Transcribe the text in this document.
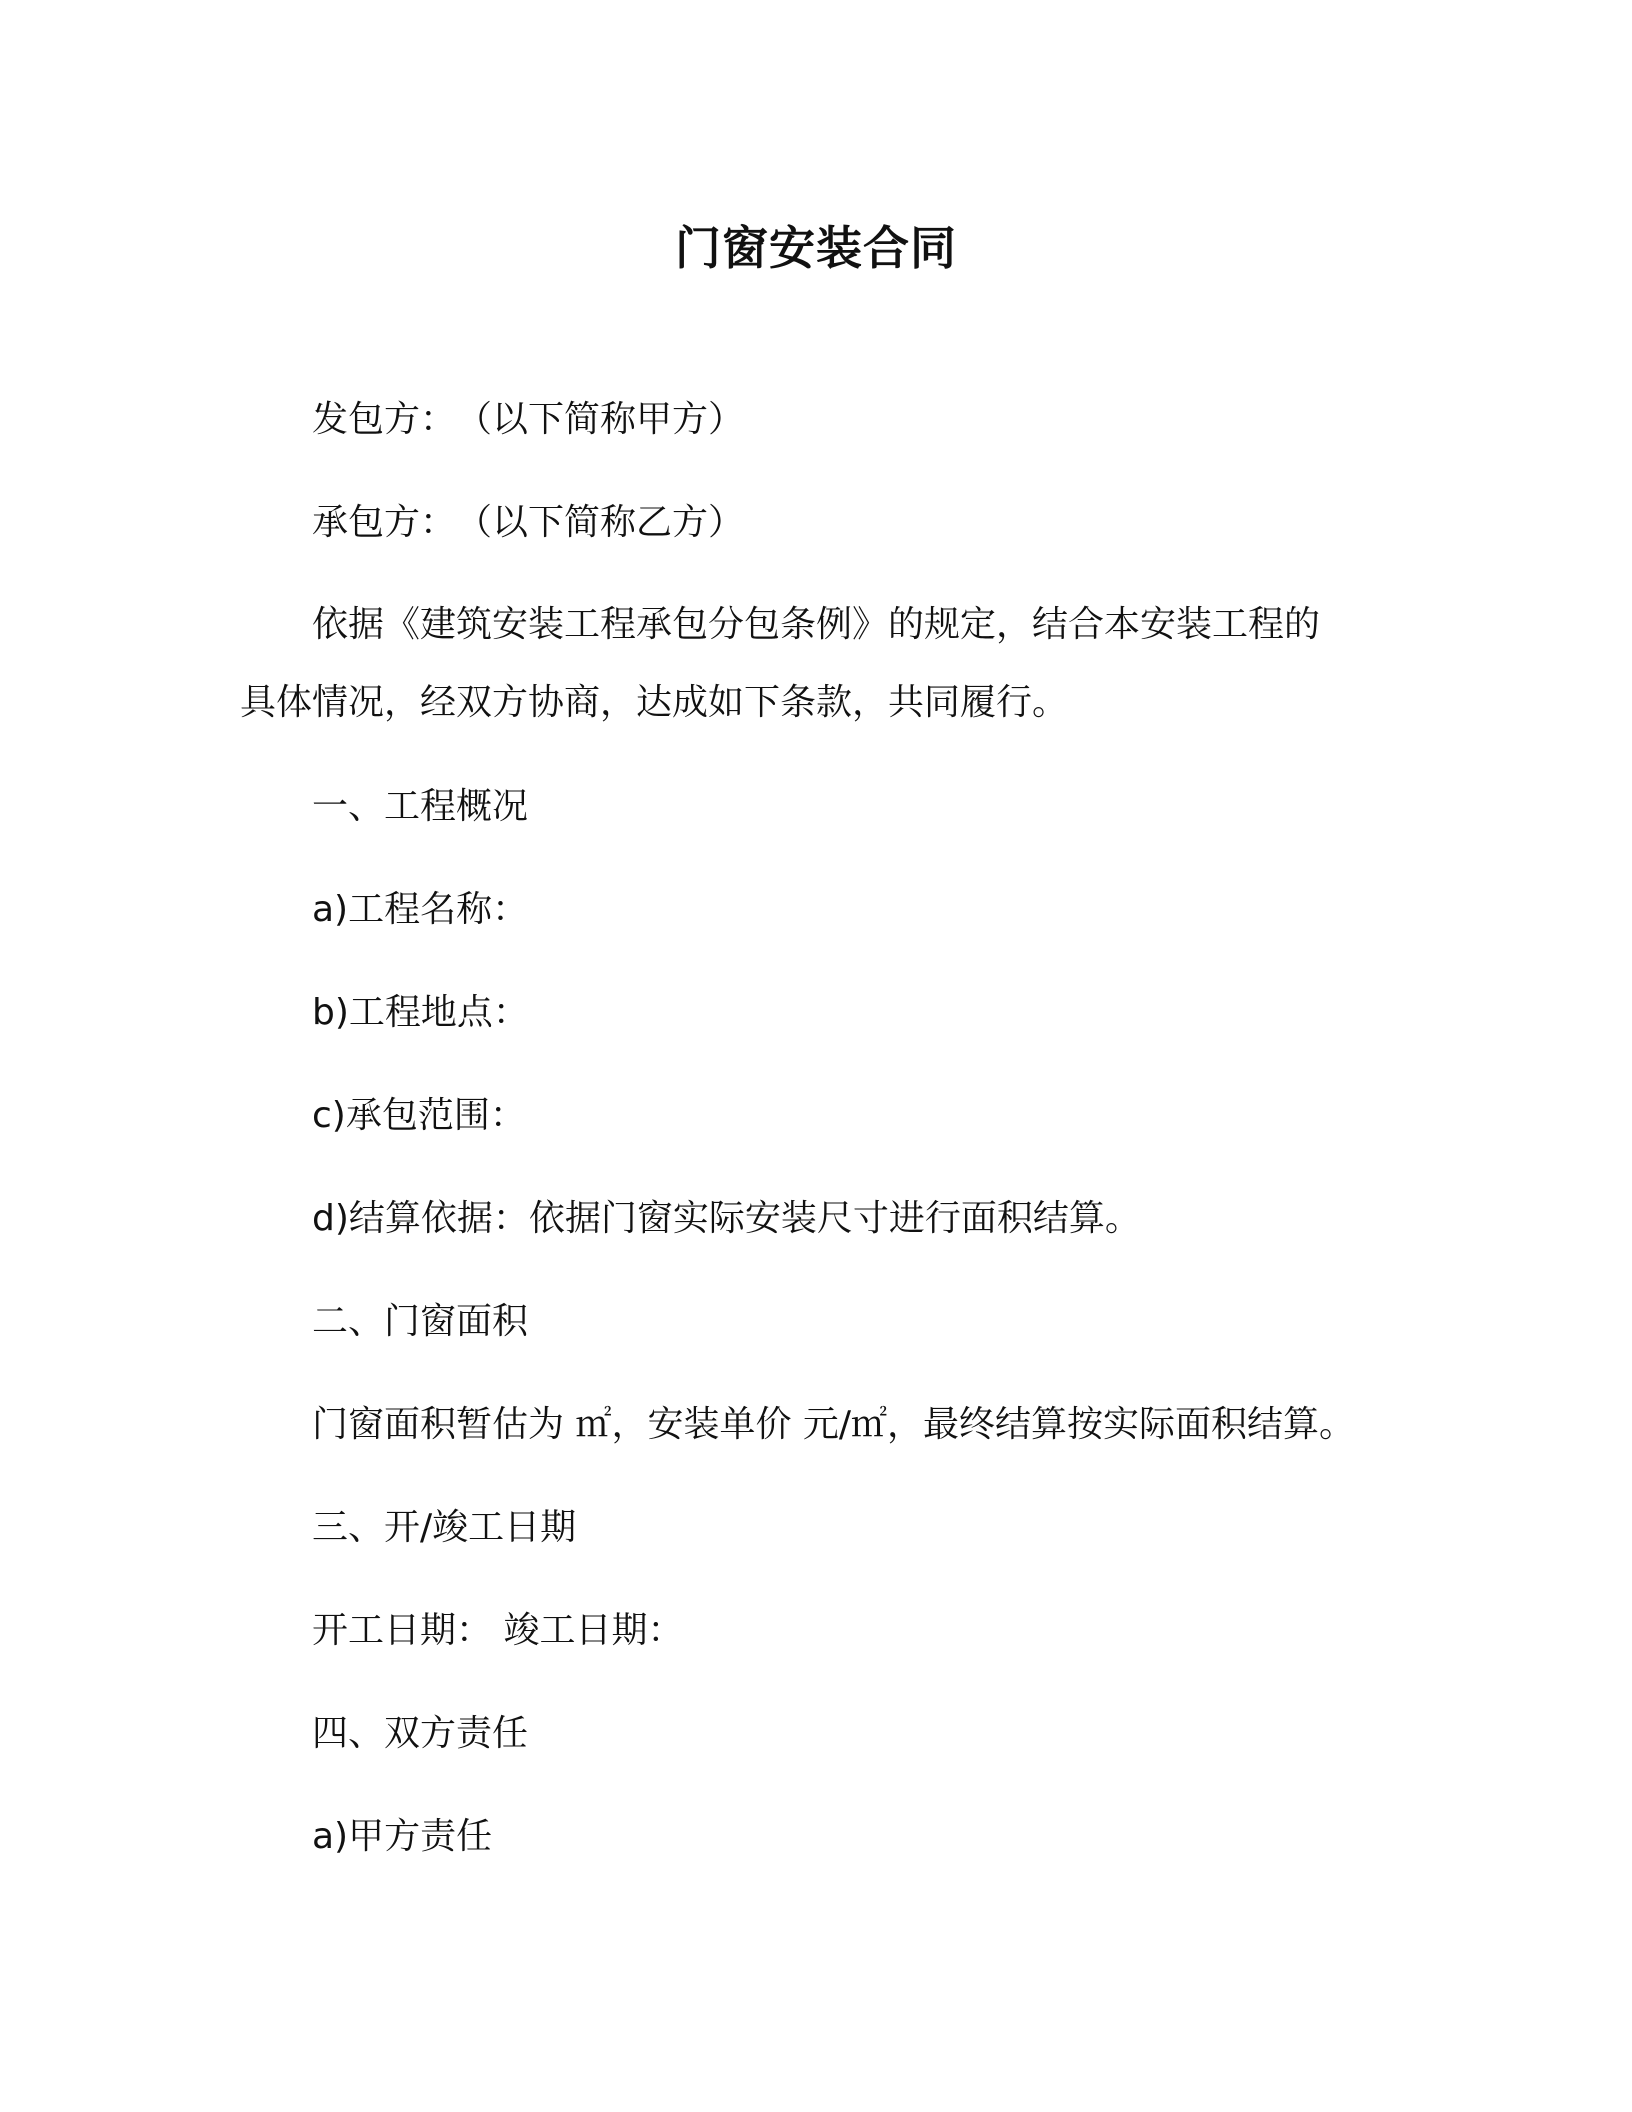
门窗安装合同
发包方：　（以下简称甲方）
承包方：　（以下简称乙方）
依据《建筑安装工程承包分包条例》的规定，结合本安装工程的
具体情况，经双方协商，达成如下条款，共同履行。
一、工程概况
a)工程名称：
b)工程地点：
c)承包范围：
d)结算依据：依据门窗实际安装尺寸进行面积结算。
二、门窗面积
门窗面积暂估为 ㎡，安装单价 元/㎡，最终结算按实际面积结算。
三、开/竣工日期
开工日期： 竣工日期：
四、双方责任
a)甲方责任
